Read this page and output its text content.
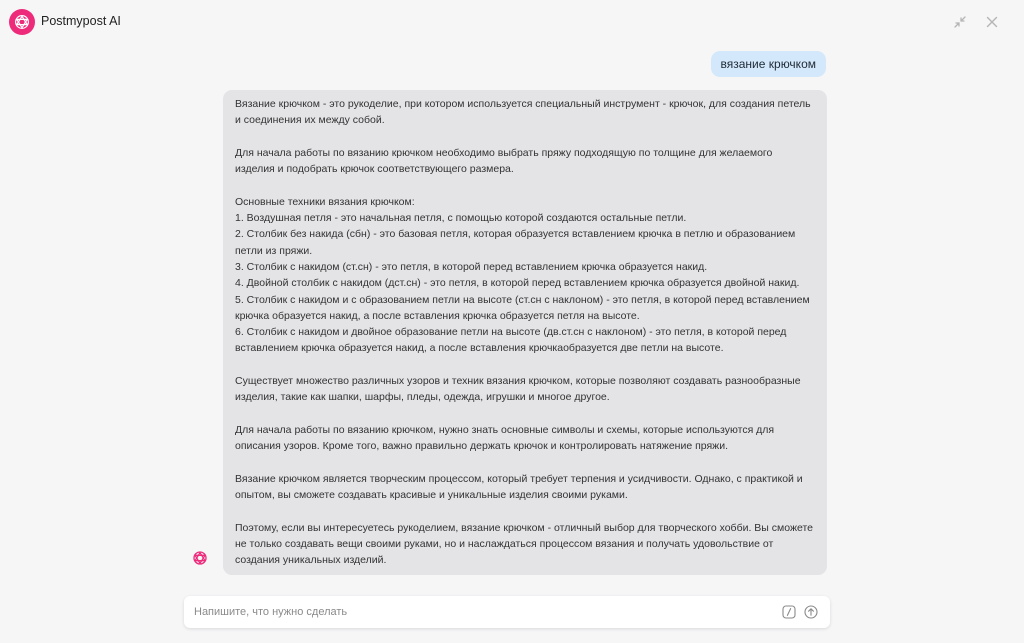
Postmypost AI
вязание крючком

Вязание крючком - это рукоделие, при котором используется специальный инструмент - крючок, для создания петель и соединения их между собой.

Для начала работы по вязанию крючком необходимо выбрать пряжу подходящую по толщине для желаемого изделия и подобрать крючок соответствующего размера.

Основные техники вязания крючком:

1. Воздушная петля - это начальная петля, с помощью которой создаются остальные петли.

2. Столбик без накида (сбн) - это базовая петля, которая образуется вставлением крючка в петлю и образованием петли из пряжи.

3. Столбик с накидом (ст.сн) - это петля, в которой перед вставлением крючка образуется накид.

4. Двойной столбик с накидом (дст.сн) - это петля, в которой перед вставлением крючка образуется двойной накид.

5. Столбик с накидом и с образованием петли на высоте (ст.сн с наклоном) - это петля, в которой перед вставлением крючка образуется накид, а после вставления крючка образуется петля на высоте.

6. Столбик с накидом и двойное образование петли на высоте (дв.ст.сн с наклоном) - это петля, в которой перед вставлением крючка образуется накид, а после вставления крючкаобразуется две петли на высоте.

Существует множество различных узоров и техник вязания крючком, которые позволяют создавать разнообразные изделия, такие как шапки, шарфы, пледы, одежда, игрушки и многое другое.

Для начала работы по вязанию крючком, нужно знать основные символы и схемы, которые используются для описания узоров. Кроме того, важно правильно держать крючок и контролировать натяжение пряжи.

Вязание крючком является творческим процессом, который требует терпения и усидчивости. Однако, с практикой и опытом, вы сможете создавать красивые и уникальные изделия своими руками.

Поэтому, если вы интересуетесь рукоделием, вязание крючком - отличный выбор для творческого хобби. Вы сможете не только создавать вещи своими руками, но и наслаждаться процессом вязания и получать удовольствие от создания уникальных изделий.

Напишите, что нужно сделать
